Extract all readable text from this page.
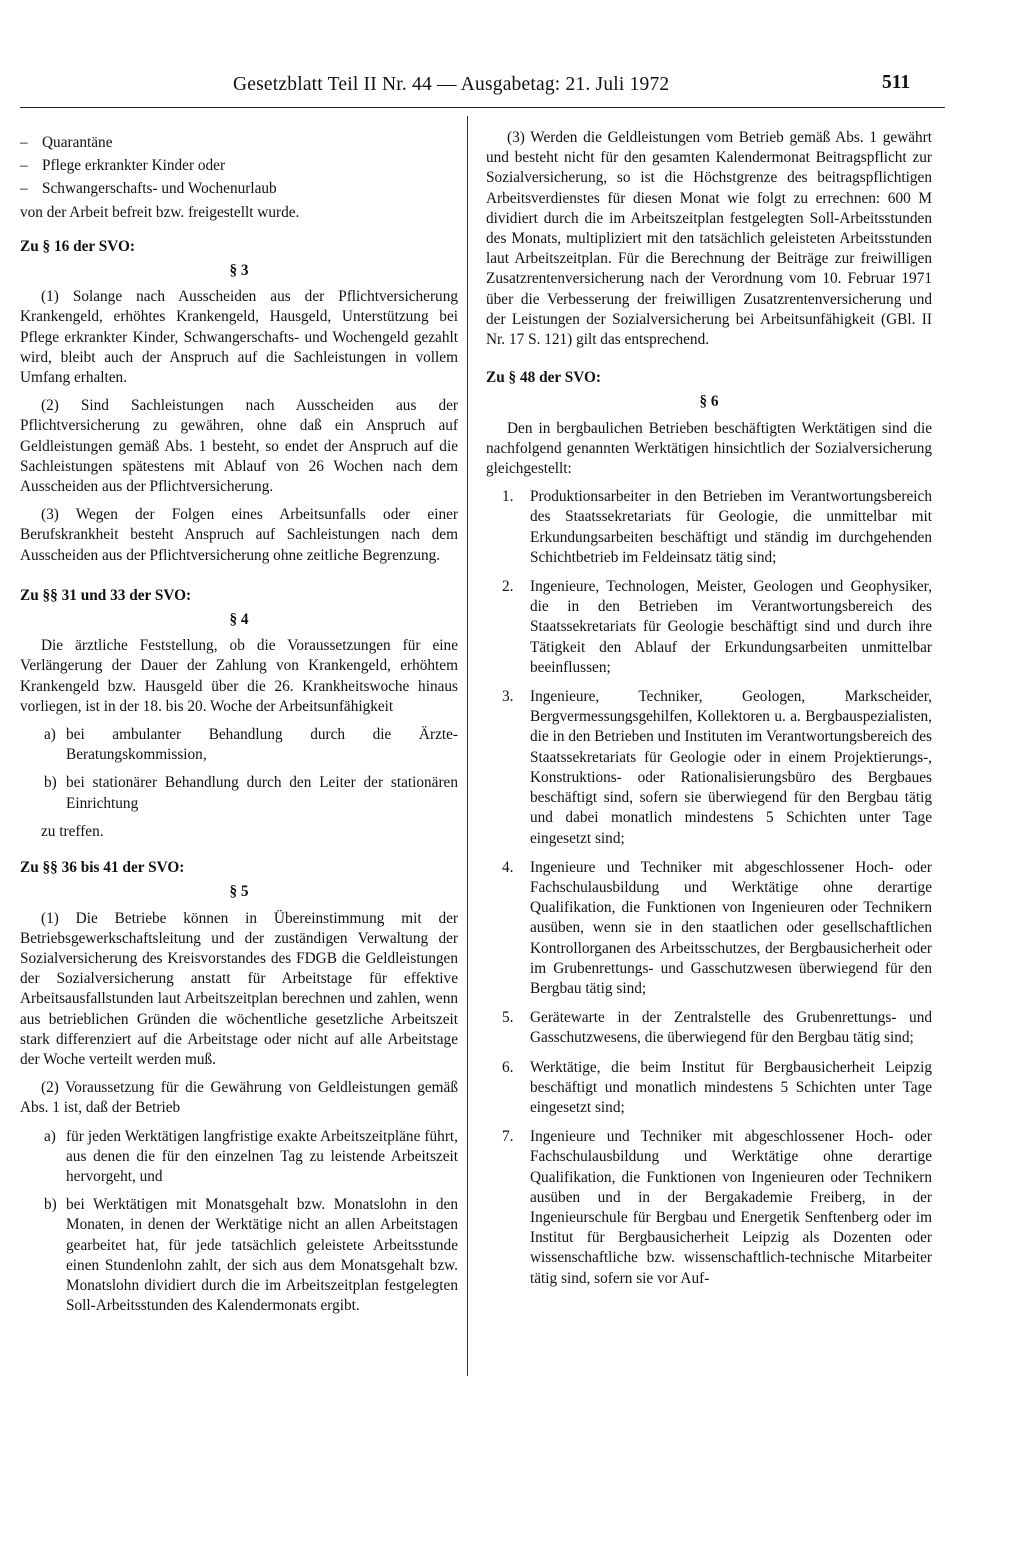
Gesetzblatt Teil II Nr. 44 — Ausgabetag: 21. Juli 1972	511
– Quarantäne
– Pflege erkrankter Kinder oder
– Schwangerschafts- und Wochenurlaub

von der Arbeit befreit bzw. freigestellt wurde.

Zu § 16 der SVO:
§ 3

(1) Solange nach Ausscheiden aus der Pflichtversicherung Krankengeld, erhöhtes Krankengeld, Hausgeld, Unterstützung bei Pflege erkrankter Kinder, Schwangerschafts- und Wochengeld gezahlt wird, bleibt auch der Anspruch auf die Sachleistungen in vollem Umfang erhalten.

(2) Sind Sachleistungen nach Ausscheiden aus der Pflichtversicherung zu gewähren, ohne daß ein Anspruch auf Geldleistungen gemäß Abs. 1 besteht, so endet der Anspruch auf die Sachleistungen spätestens mit Ablauf von 26 Wochen nach dem Ausscheiden aus der Pflichtversicherung.

(3) Wegen der Folgen eines Arbeitsunfalls oder einer Berufskrankheit besteht Anspruch auf Sachleistungen nach dem Ausscheiden aus der Pflichtversicherung ohne zeitliche Begrenzung.

Zu §§ 31 und 33 der SVO:
§ 4

Die ärztliche Feststellung, ob die Voraussetzungen für eine Verlängerung der Dauer der Zahlung von Krankengeld, erhöhtem Krankengeld bzw. Hausgeld über die 26. Krankheitswoche hinaus vorliegen, ist in der 18. bis 20. Woche der Arbeitsunfähigkeit

a) bei ambulanter Behandlung durch die Ärzte-Beratungskommission,
b) bei stationärer Behandlung durch den Leiter der stationären Einrichtung

zu treffen.

Zu §§ 36 bis 41 der SVO:
§ 5

(1) Die Betriebe können in Übereinstimmung mit der Betriebsgewerkschaftsleitung und der zuständigen Verwaltung der Sozialversicherung des Kreisvorstandes des FDGB die Geldleistungen der Sozialversicherung anstatt für Arbeitstage für effektive Arbeitsausfallstunden laut Arbeitszeitplan berechnen und zahlen, wenn aus betrieblichen Gründen die wöchentliche gesetzliche Arbeitszeit stark differenziert auf die Arbeitstage oder nicht auf alle Arbeitstage der Woche verteilt werden muß.

(2) Voraussetzung für die Gewährung von Geldleistungen gemäß Abs. 1 ist, daß der Betrieb

a) für jeden Werktätigen langfristige exakte Arbeitszeitpläne führt, aus denen die für den einzelnen Tag zu leistende Arbeitszeit hervorgeht, und
b) bei Werktätigen mit Monatsgehalt bzw. Monatslohn in den Monaten, in denen der Werktätige nicht an allen Arbeitstagen gearbeitet hat, für jede tatsächlich geleistete Arbeitsstunde einen Stundenlohn zahlt, der sich aus dem Monatsgehalt bzw. Monatslohn dividiert durch die im Arbeitszeitplan festgelegten Soll-Arbeitsstunden des Kalendermonats ergibt.

(3) Werden die Geldleistungen vom Betrieb gemäß Abs. 1 gewährt und besteht nicht für den gesamten Kalendermonat Beitragspflicht zur Sozialversicherung, so ist die Höchstgrenze des beitragspflichtigen Arbeitsverdienstes für diesen Monat wie folgt zu errechnen: 600 M dividiert durch die im Arbeitszeitplan festgelegten Soll-Arbeitsstunden des Monats, multipliziert mit den tatsächlich geleisteten Arbeitsstunden laut Arbeitszeitplan. Für die Berechnung der Beiträge zur freiwilligen Zusatzrentenversicherung nach der Verordnung vom 10. Februar 1971 über die Verbesserung der freiwilligen Zusatzrentenversicherung und der Leistungen der Sozialversicherung bei Arbeitsunfähigkeit (GBl. II Nr. 17 S. 121) gilt das entsprechend.

Zu § 48 der SVO:
§ 6

Den in bergbaulichen Betrieben beschäftigten Werktätigen sind die nachfolgend genannten Werktätigen hinsichtlich der Sozialversicherung gleichgestellt:

1. Produktionsarbeiter in den Betrieben im Verantwortungsbereich des Staatssekretariats für Geologie, die unmittelbar mit Erkundungsarbeiten beschäftigt und ständig im durchgehenden Schichtbetrieb im Feldeinsatz tätig sind;
2. Ingenieure, Technologen, Meister, Geologen und Geophysiker, die in den Betrieben im Verantwortungsbereich des Staatssekretariats für Geologie beschäftigt sind und durch ihre Tätigkeit den Ablauf der Erkundungsarbeiten unmittelbar beeinflussen;
3. Ingenieure, Techniker, Geologen, Markscheider, Bergvermessungsgehilfen, Kollektoren u. a. Bergbauspezialisten, die in den Betrieben und Instituten im Verantwortungsbereich des Staatssekretariats für Geologie oder in einem Projektierungs-, Konstruktions- oder Rationalisierungsbüro des Bergbaues beschäftigt sind, sofern sie überwiegend für den Bergbau tätig und dabei monatlich mindestens 5 Schichten unter Tage eingesetzt sind;
4. Ingenieure und Techniker mit abgeschlossener Hoch- oder Fachschulausbildung und Werktätige ohne derartige Qualifikation, die Funktionen von Ingenieuren oder Technikern ausüben, wenn sie in den staatlichen oder gesellschaftlichen Kontrollorganen des Arbeitsschutzes, der Bergbausicherheit oder im Grubenrettungs- und Gasschutzwesen überwiegend für den Bergbau tätig sind;
5. Gerätewarte in der Zentralstelle des Grubenrettungs- und Gasschutzwesens, die überwiegend für den Bergbau tätig sind;
6. Werktätige, die beim Institut für Bergbausicherheit Leipzig beschäftigt und monatlich mindestens 5 Schichten unter Tage eingesetzt sind;
7. Ingenieure und Techniker mit abgeschlossener Hoch- oder Fachschulausbildung und Werktätige ohne derartige Qualifikation, die Funktionen von Ingenieuren oder Technikern ausüben und in der Bergakademie Freiberg, in der Ingenieurschule für Bergbau und Energetik Senftenberg oder im Institut für Bergbausicherheit Leipzig als Dozenten oder wissenschaftliche bzw. wissenschaftlich-technische Mitarbeiter tätig sind, sofern sie vor Auf-
